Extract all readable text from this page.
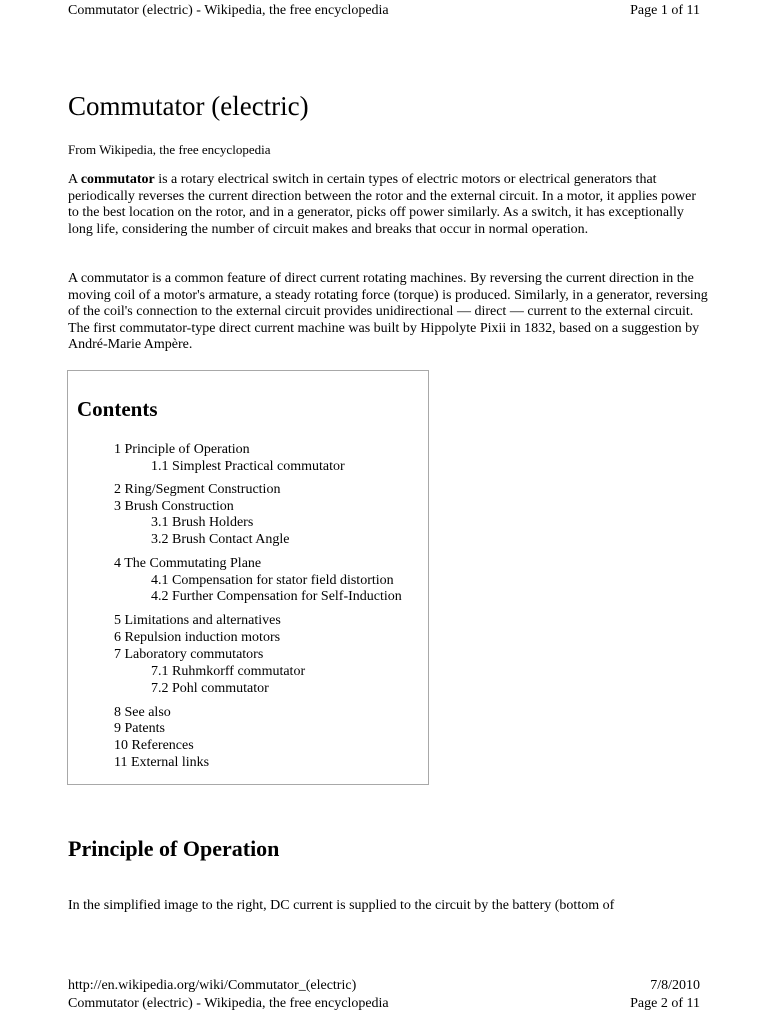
Commutator (electric) - Wikipedia, the free encyclopedia	Page 1 of 11
Commutator (electric)
From Wikipedia, the free encyclopedia

A commutator is a rotary electrical switch in certain types of electric motors or electrical generators that periodically reverses the current direction between the rotor and the external circuit. In a motor, it applies power to the best location on the rotor, and in a generator, picks off power similarly. As a switch, it has exceptionally long life, considering the number of circuit makes and breaks that occur in normal operation.

A commutator is a common feature of direct current rotating machines. By reversing the current direction in the moving coil of a motor's armature, a steady rotating force (torque) is produced. Similarly, in a generator, reversing of the coil's connection to the external circuit provides unidirectional — direct — current to the external circuit. The first commutator-type direct current machine was built by Hippolyte Pixii in 1832, based on a suggestion by André-Marie Ampère.

Contents
1 Principle of Operation
1.1 Simplest Practical commutator
2 Ring/Segment Construction
3 Brush Construction
3.1 Brush Holders
3.2 Brush Contact Angle
4 The Commutating Plane
4.1 Compensation for stator field distortion
4.2 Further Compensation for Self-Induction
5 Limitations and alternatives
6 Repulsion induction motors
7 Laboratory commutators
7.1 Ruhmkorff commutator
7.2 Pohl commutator
8 See also
9 Patents
10 References
11 External links
Principle of Operation
In the simplified image to the right, DC current is supplied to the circuit by the battery (bottom of
http://en.wikipedia.org/wiki/Commutator_(electric)	7/8/2010
Commutator (electric) - Wikipedia, the free encyclopedia	Page 2 of 11
